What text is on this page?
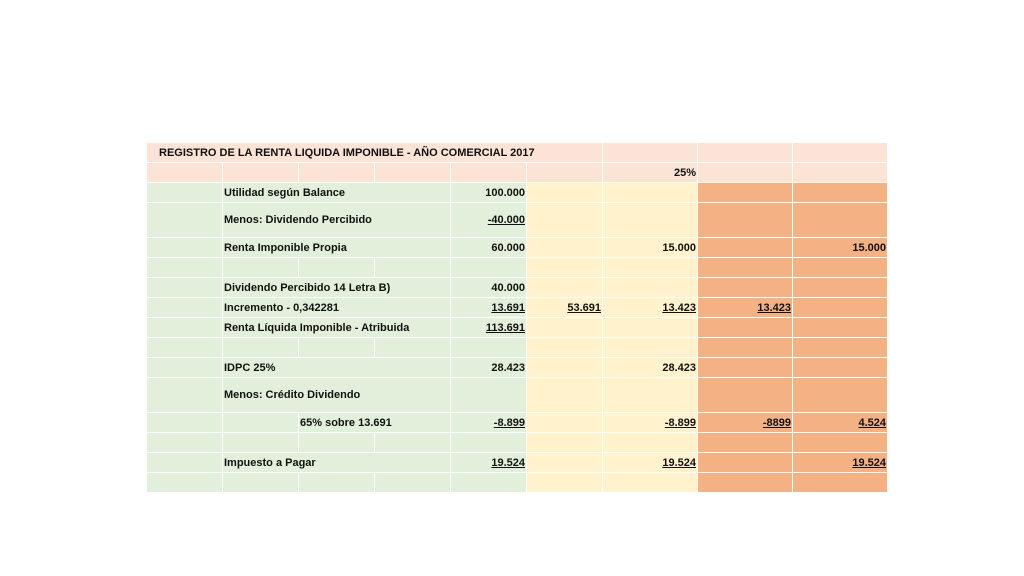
REGISTRO DE LA RENTA LIQUIDA IMPONIBLE - AÑO COMERCIAL 2017								
						25%		
	Utilidad según Balance			100.000				
	Menos: Dividendo Percibido			-40.000				
	Renta Imponible Propia			60.000		15.000		15.000

	Dividendo Percibido 14 Letra B)			40.000				
	Incremento - 0,342281			13.691	53.691	13.423	13.423	
	Renta Líquida Imponible - Atribuida			113.691				

	IDPC 25%			28.423		28.423		
	Menos: Crédito Dividendo							
		65% sobre 13.691		-8.899		-8.899	-8899	4.524

	Impuesto a Pagar			19.524		19.524		19.524
